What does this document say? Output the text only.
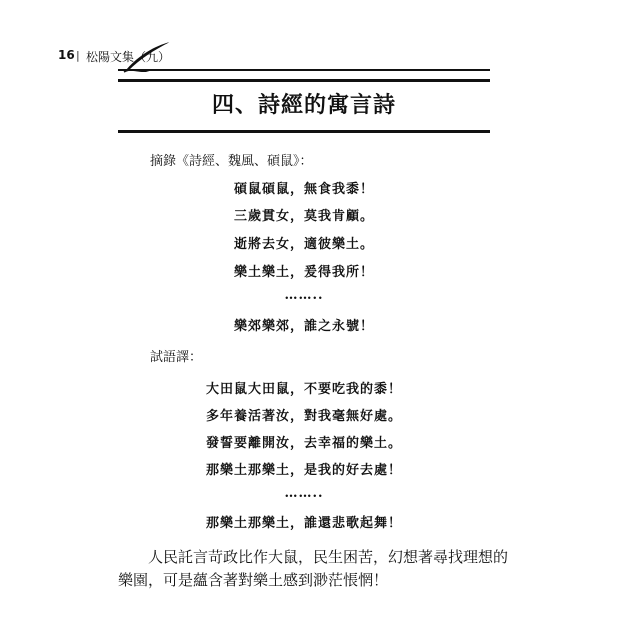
16 | 松陽文集（九）
四、詩經的寓言詩
摘錄《詩經、魏風、碩鼠》：
碩鼠碩鼠，無食我黍！
三歲貫女，莫我肯顧。
逝將去女，適彼樂土。
樂土樂土，爰得我所！
……..
樂郊樂郊，誰之永號！
試語譯：
大田鼠大田鼠，不要吃我的黍！
多年養活著汝，對我毫無好處。
發誓要離開汝，去幸福的樂土。
那樂土那樂土，是我的好去處！
……..
那樂土那樂土，誰還悲歌起舞！

人民託言苛政比作大鼠，民生困苦，幻想著尋找理想的樂園，可是蘊含著對樂土感到渺茫悵惘！
